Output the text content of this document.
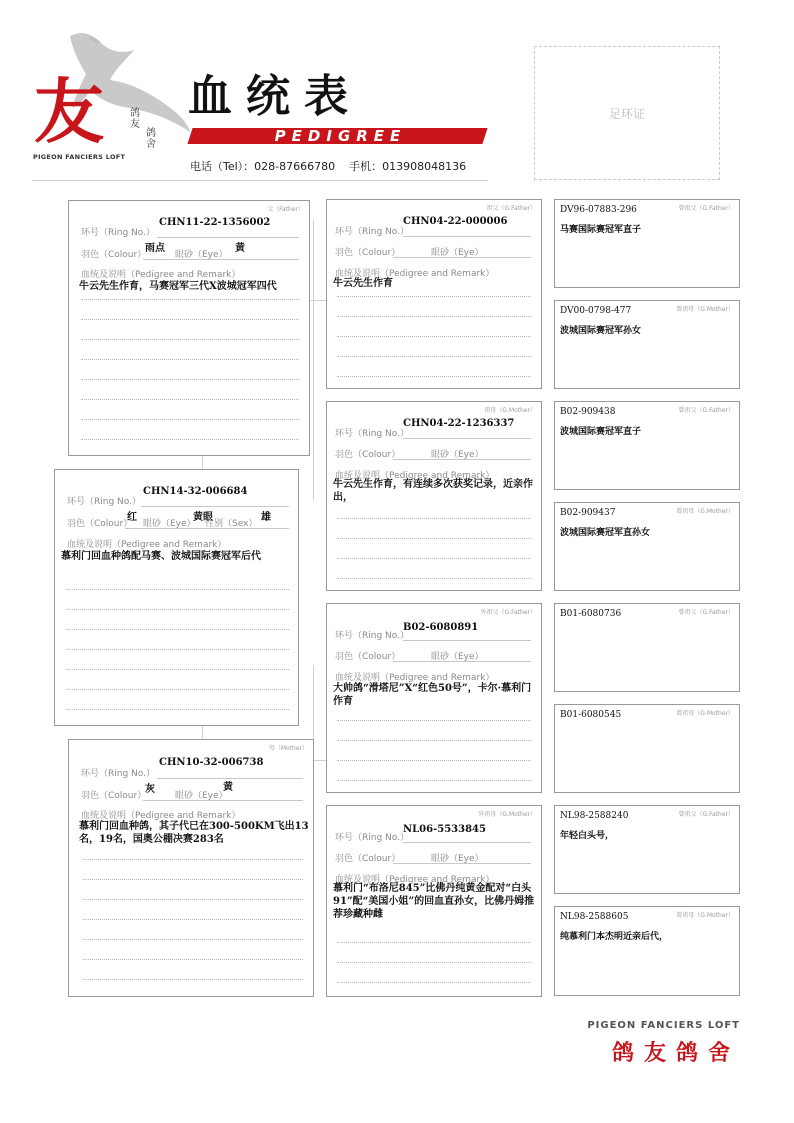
友	鸽友
鸽舍
PIGEON FANCIERS LOFT
血统表
PEDIGREE
电话（Tel）：028-87666780    手机：013908048136
足环证
父（Father）
CHN11-22-1356002
环号（Ring No.）
雨点	黄
羽色（Colour）	眼砂（Eye）
血统及说明（Pedigree and Remark）
牛云先生作育，马赛冠军三代X波城冠军四代
环号（Ring No.）
CHN14-32-006684
羽色（Colour）
红
眼砂（Eye）
黄眼
性别（Sex）
雄
血统及说明（Pedigree and Remark）
慕利门回血种鸽配马赛、波城国际赛冠军后代
母（Mother）
CHN10-32-006738
环号（Ring No.）
灰	黄
羽色（Colour）	眼砂（Eye）
血统及说明（Pedigree and Remark）
慕利门回血种鸽，其子代已在300-500KM飞出13名，19名，国奥公棚决赛283名
祖父（G.Father）
CHN04-22-000006
环号（Ring No.）
羽色（Colour）	眼砂（Eye）
血统及说明（Pedigree and Remark）
牛云先生作育
祖母（G.Mother）
CHN04-22-1236337
环号（Ring No.）
羽色（Colour）	眼砂（Eye）
血统及说明（Pedigree and Remark）
牛云先生作育，有连续多次获奖记录，近亲作出，
外祖父（G.Father）
B02-6080891
环号（Ring No.）
羽色（Colour）	眼砂（Eye）
血统及说明（Pedigree and Remark）
大帅鸽“滑塔尼”X“红色50号”，卡尔·慕利门作育
外祖母（G.Mother）
NL06-5533845
环号（Ring No.）
羽色（Colour）	眼砂（Eye）
血统及说明（Pedigree and Remark）
慕利门“布洛尼845”比佛丹纯黄金配对“白头91”配“美国小姐”的回血直孙女，比佛丹姆推荐珍藏种雌
曾祖父（G.Father）
DV96-07883-296
马赛国际赛冠军直子
曾祖母（G.Mother）
DV00-0798-477
波城国际赛冠军孙女
曾祖父（G.Father）
B02-909438
波城国际赛冠军直子
曾祖母（G.Mother）
B02-909437
波城国际赛冠军直孙女
曾祖父（G.Father）
B01-6080736
曾祖母（G.Mother）
B01-6080545
曾祖父（G.Father）
NL98-2588240
年轻白头号，
曾祖母（G.Mother）
NL98-2588605
纯慕利门本杰明近亲后代，
PIGEON FANCIERS LOFT
鸽友鸽舍
